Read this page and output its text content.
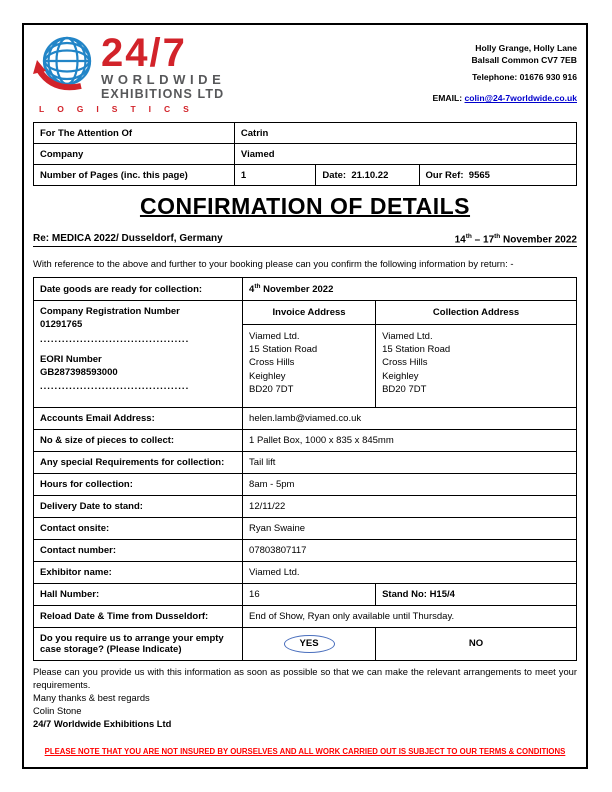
24/7
WORLDWIDE
EXHIBITIONS LTD
LOGISTICS
Holly Grange, Holly Lane
Balsall Common CV7 7EB
Telephone: 01676 930 916
EMAIL: colin@24-7worldwide.co.uk
For The Attention Of	Catrin		
Company	Viamed		
Number of Pages (inc. this page)	1	Date: 21.10.22	Our Ref: 9565
CONFIRMATION OF DETAILS
Re: MEDICA 2022/ Dusseldorf, Germany	14th – 17th November 2022
With reference to the above and further to your booking please can you confirm the following information by return: -
Date goods are ready for collection:	4th November 2022	

Company Registration Number
01291765
.........................................
EORI Number
GB287398593000
.........................................
	Invoice Address	Collection Address

Viamed Ltd.
15 Station Road
Cross Hills
Keighley
BD20 7DT

Viamed Ltd.
15 Station Road
Cross Hills
Keighley
BD20 7DT

Accounts Email Address:	helen.lamb@viamed.co.uk	
No & size of pieces to collect:	1 Pallet Box, 1000 x 835 x 845mm	
Any special Requirements for collection:	Tail lift	
Hours for collection:	8am - 5pm	
Delivery Date to stand:	12/11/22	
Contact onsite:	Ryan Swaine	
Contact number:	07803807117	
Exhibitor name:	Viamed Ltd.	
Hall Number:	16	Stand No: H15/4
Reload Date & Time from Dusseldorf:	End of Show, Ryan only available until Thursday.	
Do you require us to arrange your empty case storage? (Please Indicate)	YES	NO
Please can you provide us with this information as soon as possible so that we can make the relevant arrangements to meet your requirements.
Many thanks & best regards
Colin Stone
24/7 Worldwide Exhibitions Ltd
PLEASE NOTE THAT YOU ARE NOT INSURED BY OURSELVES AND ALL WORK CARRIED OUT IS SUBJECT TO OUR TERMS & CONDITIONS
